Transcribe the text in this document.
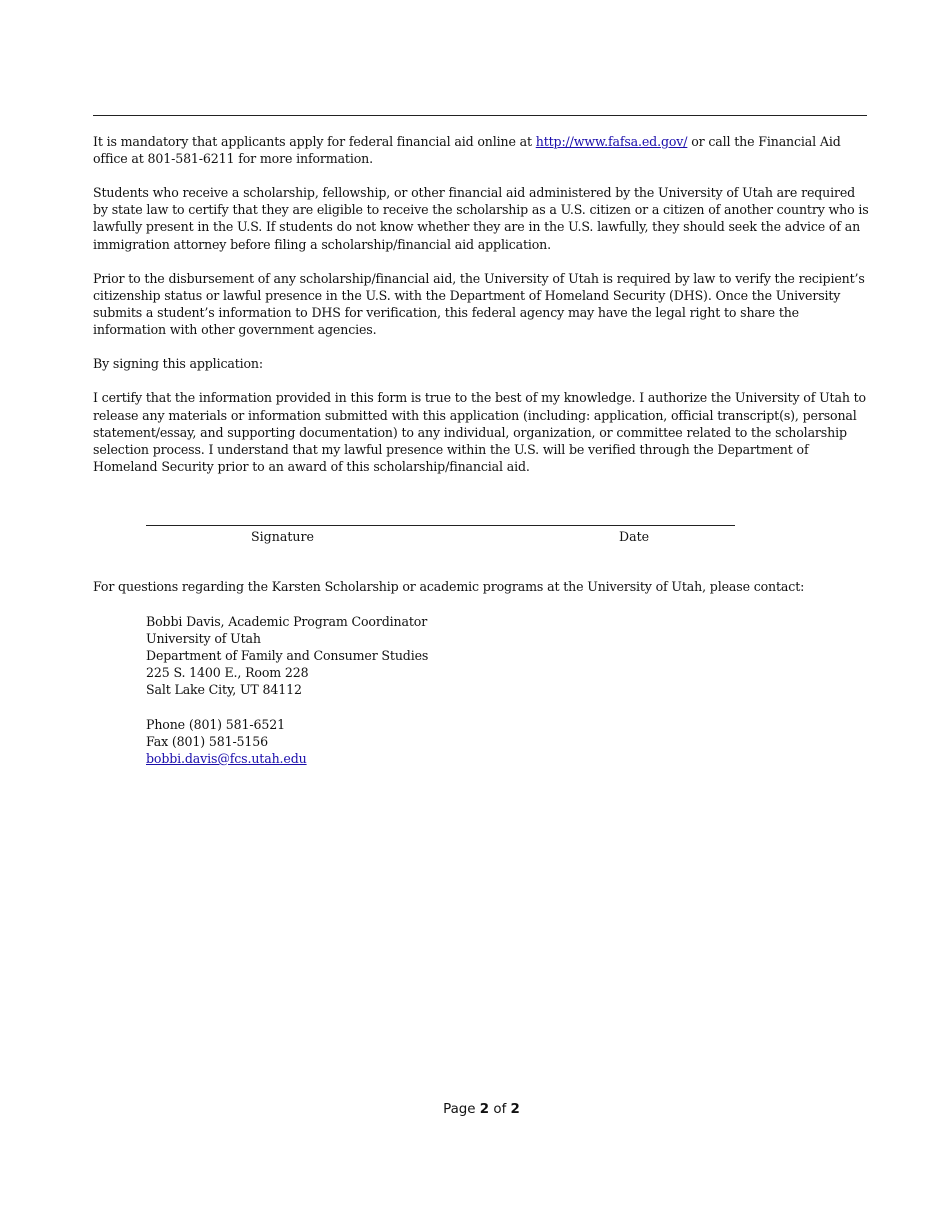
It is mandatory that applicants apply for federal financial aid online at http://www.fafsa.ed.gov/ or call the Financial Aid office at 801-581-6211 for more information.

Students who receive a scholarship, fellowship, or other financial aid administered by the University of Utah are required by state law to certify that they are eligible to receive the scholarship as a U.S. citizen or a citizen of another country who is lawfully present in the U.S. If students do not know whether they are in the U.S. lawfully, they should seek the advice of an immigration attorney before filing a scholarship/financial aid application.

Prior to the disbursement of any scholarship/financial aid, the University of Utah is required by law to verify the recipient’s citizenship status or lawful presence in the U.S. with the Department of Homeland Security (DHS). Once the University submits a student’s information to DHS for verification, this federal agency may have the legal right to share the information with other government agencies.

By signing this application:

I certify that the information provided in this form is true to the best of my knowledge. I authorize the University of Utah to release any materials or information submitted with this application (including: application, official transcript(s), personal statement/essay, and supporting documentation) to any individual, organization, or committee related to the scholarship selection process. I understand that my lawful presence within the U.S. will be verified through the Department of Homeland Security prior to an award of this scholarship/financial aid.

Signature	Date
For questions regarding the Karsten Scholarship or academic programs at the University of Utah, please contact:
Bobbi Davis, Academic Program Coordinator
University of Utah
Department of Family and Consumer Studies
225 S. 1400 E., Room 228
Salt Lake City, UT 84112
Phone (801) 581-6521
Fax (801) 581-5156
bobbi.davis@fcs.utah.edu
Page 2 of 2
